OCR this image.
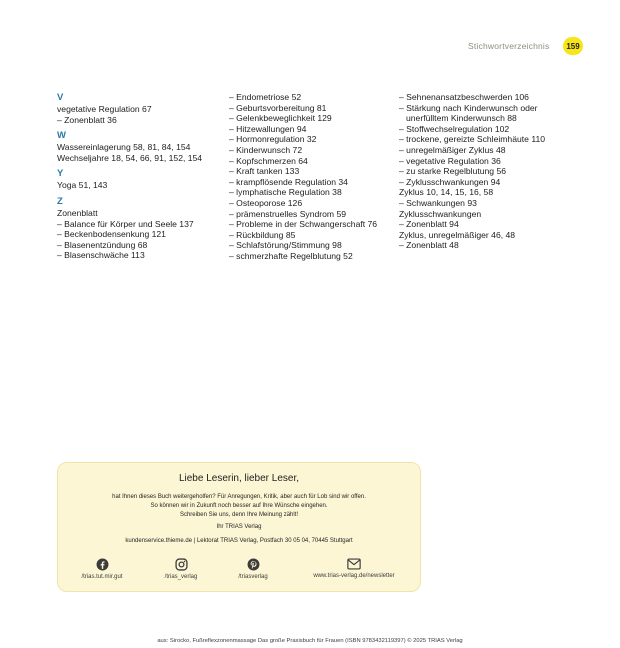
Stichwortverzeichnis	159
V
vegetative Regulation 67
– Zonenblatt 36
W
Wassereinlagerung 58, 81, 84, 154
Wechseljahre 18, 54, 66, 91, 152, 154
Y
Yoga 51, 143
Z
Zonenblatt
– Balance für Körper und Seele 137
– Beckenbodensenkung 121
– Blasenentzündung 68
– Blasenschwäche 113
– Endometriose 52
– Geburtsvorbereitung 81
– Gelenkbeweglichkeit 129
– Hitzewallungen 94
– Hormonregulation 32
– Kinderwunsch 72
– Kopfschmerzen 64
– Kraft tanken 133
– krampflösende Regulation 34
– lymphatische Regulation 38
– Osteoporose 126
– prämenstruelles Syndrom 59
– Probleme in der Schwangerschaft 76
– Rückbildung 85
– Schlafstörung/Stimmung 98
– schmerzhafte Regelblutung 52
– Sehnenansatzbeschwerden 106
– Stärkung nach Kinderwunsch oder unerfülltem Kinderwunsch 88
– Stoffwechselregulation 102
– trockene, gereizte Schleimhäute 110
– unregelmäßiger Zyklus 48
– vegetative Regulation 36
– zu starke Regelblutung 56
– Zyklusschwankungen 94
Zyklus 10, 14, 15, 16, 58
– Schwankungen 93
Zyklusschwankungen
– Zonenblatt 94
Zyklus, unregelmäßiger 46, 48
– Zonenblatt 48
Liebe Leserin, lieber Leser,
hat Ihnen dieses Buch weitergeholfen? Für Anregungen, Kritik, aber auch für Lob sind wir offen.
So können wir in Zukunft noch besser auf Ihre Wünsche eingehen.
Schreiben Sie uns, denn Ihre Meinung zählt!
Ihr TRIAS Verlag
kundenservice.thieme.de | Lektorat TRIAS Verlag, Postfach 30 05 04, 70445 Stuttgart
/trias.tut.mir.gut	/trias_verlag	/triasverlag	www.trias-verlag.de/newsletter
aus: Sirocko, Fußreflexzonenmassage Das große Praxisbuch für Frauen (ISBN 9783432119397) © 2025 TRIAS Verlag
